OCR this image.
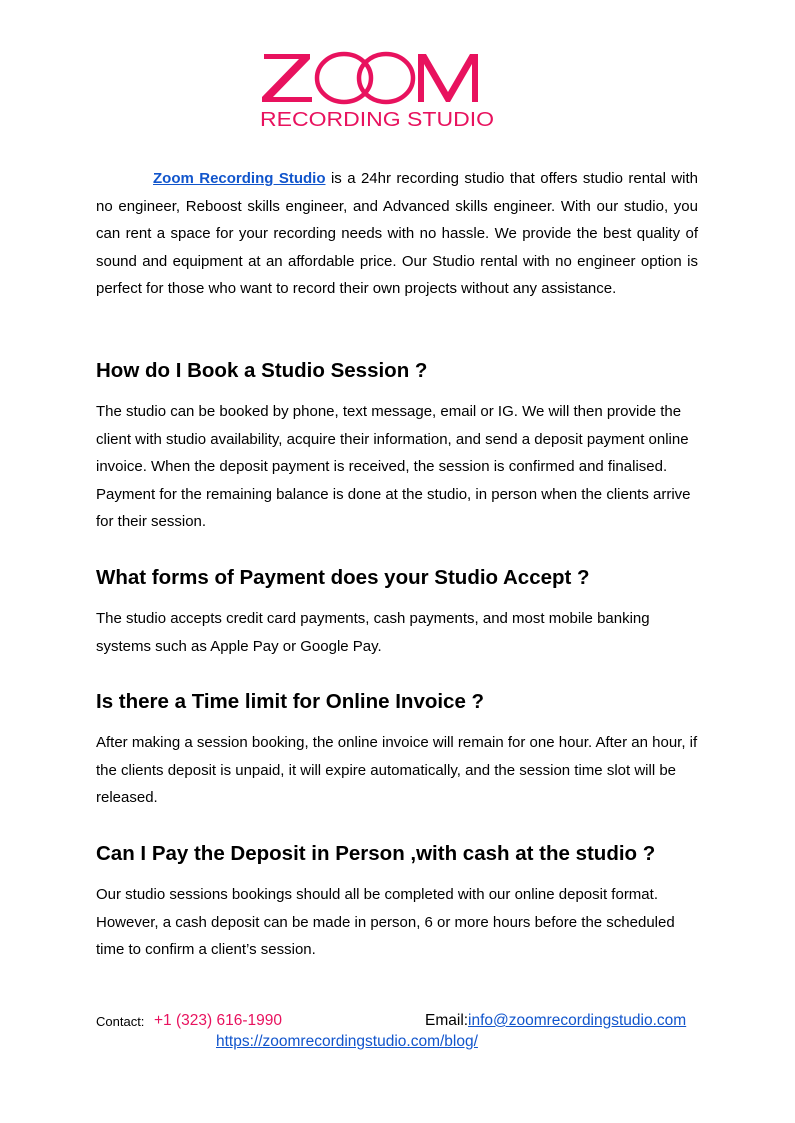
RECORDING STUDIO

Zoom Recording Studio is a 24hr recording studio that offers studio rental with no engineer, Reboost skills engineer, and Advanced skills engineer. With our studio, you can rent a space for your recording needs with no hassle. We provide the best quality of sound and equipment at an affordable price. Our Studio rental with no engineer option is perfect for those who want to record their own projects without any assistance.

How do I Book a Studio Session ?

The studio can be booked by phone, text message, email or IG. We will then provide the client with studio availability, acquire their information, and send a deposit payment online invoice. When the deposit payment is received, the session is confirmed and finalised. Payment for the remaining balance is done at the studio, in person when the clients arrive for their session.

What forms of Payment does your Studio Accept ?

The studio accepts credit card payments, cash payments, and most mobile banking systems such as Apple Pay or Google Pay.

Is there a Time limit for Online Invoice ?

After making a session booking, the online invoice will remain for one hour. After an hour, if the clients deposit is unpaid, it will expire automatically, and the session time slot will be released.

Can I Pay the Deposit in Person ,with cash at the studio ?

Our studio sessions bookings should all be completed with our online deposit format. However, a cash deposit can be made in person, 6 or more hours before the scheduled time to confirm a client’s session.

Contact: +1 (323) 616-1990	Email: info@zoomrecordingstudio.com
https://zoomrecordingstudio.com/blog/
